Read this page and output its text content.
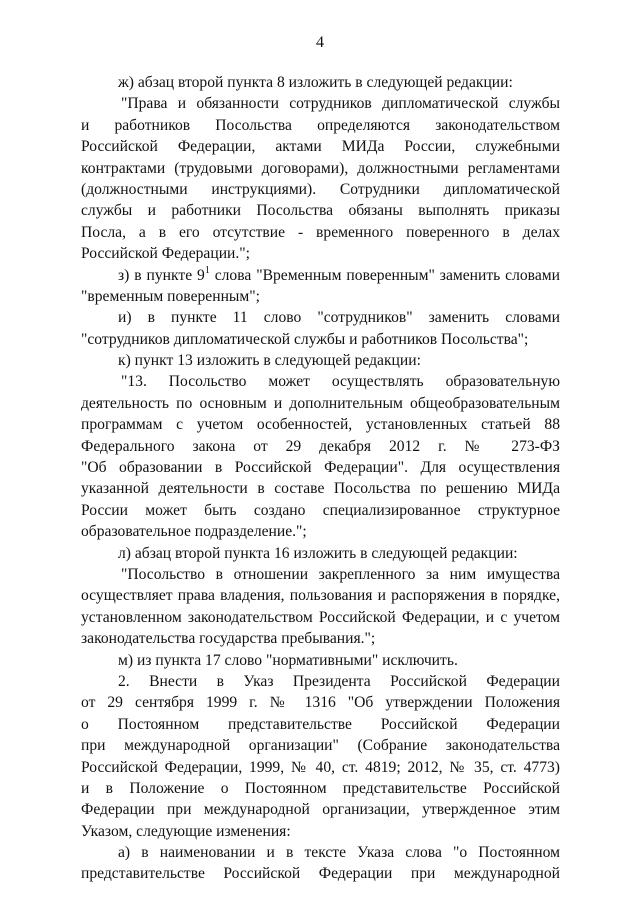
4
ж) абзац второй пункта 8 изложить в следующей редакции:
"Права и обязанности сотрудников дипломатической службы
и работников Посольства определяются законодательством
Российской Федерации, актами МИДа России, служебными
контрактами (трудовыми договорами), должностными регламентами
(должностными инструкциями). Сотрудники дипломатической
службы и работники Посольства обязаны выполнять приказы
Посла, а в его отсутствие - временного поверенного в делах
Российской Федерации.";
з) в пункте $9^1$ слова "Временным поверенным" заменить словами
"временным поверенным";
и) в пункте 11 слово "сотрудников" заменить словами
"сотрудников дипломатической службы и работников Посольства";
к) пункт 13 изложить в следующей редакции:
"13. Посольство может осуществлять образовательную
деятельность по основным и дополнительным общеобразовательным
программам с учетом особенностей, установленных статьей 88
Федерального закона от 29 декабря 2012 г. № 273-ФЗ
"Об образовании в Российской Федерации". Для осуществления
указанной деятельности в составе Посольства по решению МИДа
России может быть создано специализированное структурное
образовательное подразделение.";
л) абзац второй пункта 16 изложить в следующей редакции:
"Посольство в отношении закрепленного за ним имущества
осуществляет права владения, пользования и распоряжения в порядке,
установленном законодательством Российской Федерации, и с учетом
законодательства государства пребывания.";
м) из пункта 17 слово "нормативными" исключить.
2. Внести в Указ Президента Российской Федерации
от 29 сентября 1999 г. № 1316 "Об утверждении Положения
о Постоянном представительстве Российской Федерации
при международной организации" (Собрание законодательства
Российской Федерации, 1999, № 40, ст. 4819; 2012, № 35, ст. 4773)
и в Положение о Постоянном представительстве Российской
Федерации при международной организации, утвержденное этим
Указом, следующие изменения:
а) в наименовании и в тексте Указа слова "о Постоянном
представительстве Российской Федерации при международной
